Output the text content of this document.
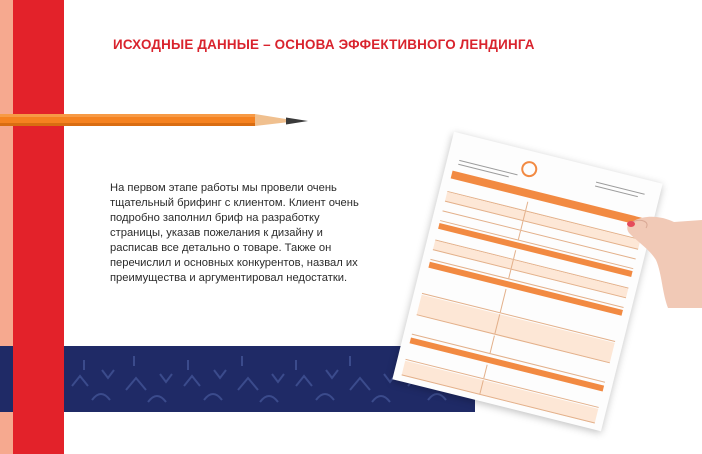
ИСХОДНЫЕ ДАННЫЕ – ОСНОВА ЭФФЕКТИВНОГО ЛЕНДИНГА
На первом этапе работы мы провели очень тщательный брифинг с клиентом. Клиент очень подробно заполнил бриф на разработку страницы, указав пожелания к дизайну и расписав все детально о товаре. Также он перечислил и основных конкурентов, назвал их преимущества и аргументировал недостатки.
